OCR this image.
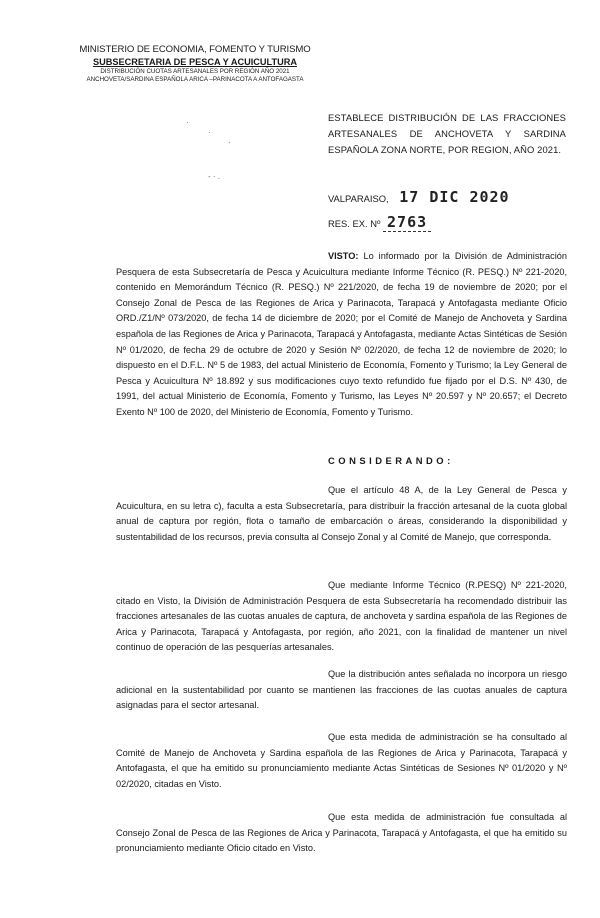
MINISTERIO DE ECONOMIA, FOMENTO Y TURISMO
SUBSECRETARIA DE PESCA Y ACUICULTURA
DISTRIBUCIÓN CUOTAS ARTESANALES POR REGIÓN AÑO 2021
ANCHOVETA/SARDINA ESPAÑOLA ARICA –PARINACOTA A ANTOFAGASTA
·
·
·
- · .
ESTABLECE DISTRIBUCIÓN DE LAS FRACCIONES ARTESANALES DE ANCHOVETA Y SARDINA ESPAÑOLA ZONA NORTE, POR REGION, AÑO 2021.
VALPARAISO, 17 DIC 2020
RES. EX. Nº 2763
VISTO: Lo informado por la División de Administración Pesquera de esta Subsecretaría de Pesca y Acuicultura mediante Informe Técnico (R. PESQ.) Nº 221-2020, contenido en Memorándum Técnico (R. PESQ.) Nº 221/2020, de fecha 19 de noviembre de 2020; por el Consejo Zonal de Pesca de las Regiones de Arica y Parinacota, Tarapacá y Antofagasta mediante Oficio ORD./Z1/Nº 073/2020, de fecha 14 de diciembre de 2020; por el Comité de Manejo de Anchoveta y Sardina española de las Regiones de Arica y Parinacota, Tarapacá y Antofagasta, mediante Actas Sintéticas de Sesión Nº 01/2020, de fecha 29 de octubre de 2020 y Sesión Nº 02/2020, de fecha 12 de noviembre de 2020; lo dispuesto en el D.F.L. Nº 5 de 1983, del actual Ministerio de Economía, Fomento y Turismo; la Ley General de Pesca y Acuicultura Nº 18.892 y sus modificaciones cuyo texto refundido fue fijado por el D.S. Nº 430, de 1991, del actual Ministerio de Economía, Fomento y Turismo, las Leyes Nº 20.597 y Nº 20.657; el Decreto Exento Nº 100 de 2020, del Ministerio de Economía, Fomento y Turismo.
CONSIDERANDO:
Que el artículo 48 A, de la Ley General de Pesca y Acuicultura, en su letra c), faculta a esta Subsecretaría, para distribuir la fracción artesanal de la cuota global anual de captura por región, flota o tamaño de embarcación o áreas, considerando la disponibilidad y sustentabilidad de los recursos, previa consulta al Consejo Zonal y al Comité de Manejo, que corresponda.
Que mediante Informe Técnico (R.PESQ) Nº 221-2020, citado en Visto, la División de Administración Pesquera de esta Subsecretaría ha recomendado distribuir las fracciones artesanales de las cuotas anuales de captura, de anchoveta y sardina española de las Regiones de Arica y Parinacota, Tarapacá y Antofagasta, por región, año 2021, con la finalidad de mantener un nivel continuo de operación de las pesquerías artesanales.
Que la distribución antes señalada no incorpora un riesgo adicional en la sustentabilidad por cuanto se mantienen las fracciones de las cuotas anuales de captura asignadas para el sector artesanal.
Que esta medida de administración se ha consultado al Comité de Manejo de Anchoveta y Sardina española de las Regiones de Arica y Parinacota, Tarapacá y Antofagasta, el que ha emitido su pronunciamiento mediante Actas Sintéticas de Sesiones Nº 01/2020 y Nº 02/2020, citadas en Visto.
Que esta medida de administración fue consultada al Consejo Zonal de Pesca de las Regiones de Arica y Parinacota, Tarapacá y Antofagasta, el que ha emitido su pronunciamiento mediante Oficio citado en Visto.
